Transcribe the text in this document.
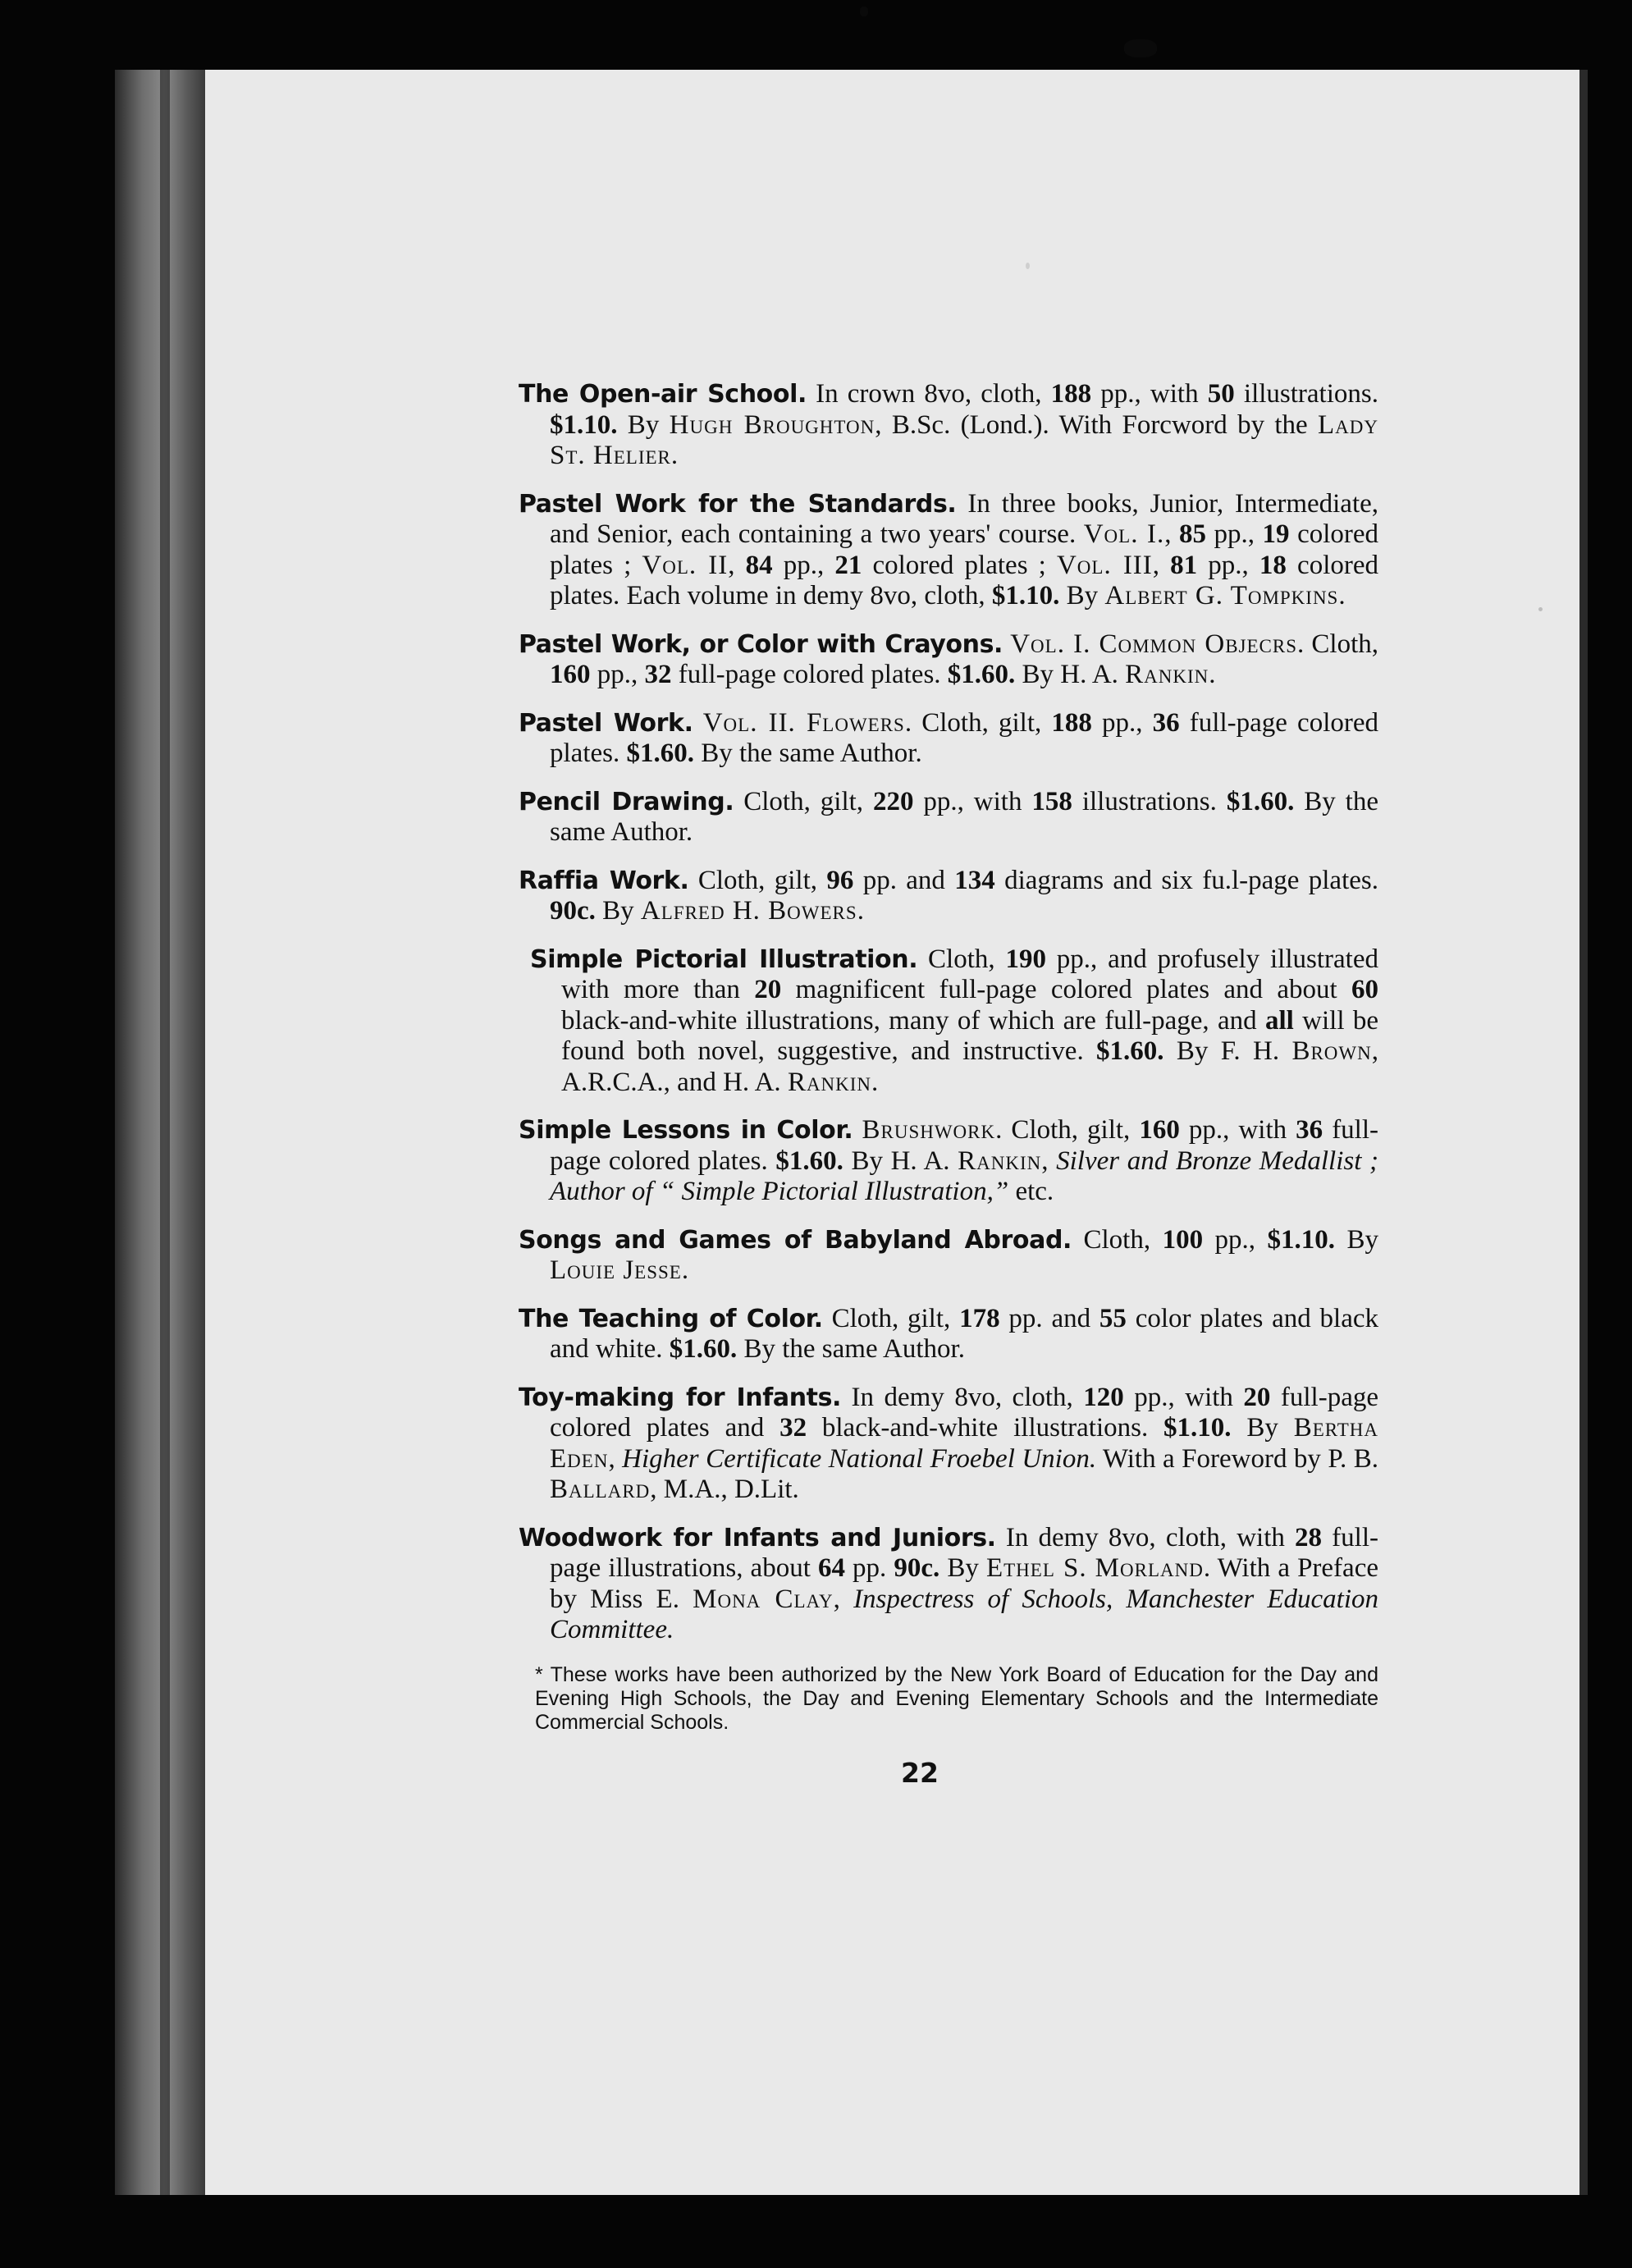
The Open-air School. In crown 8vo, cloth, 188 pp., with 50 illustrations. $1.10. By Hugh Broughton, B.Sc. (Lond.). With Forcword by the Lady St. Helier.
Pastel Work for the Standards. In three books, Junior, Intermediate, and Senior, each containing a two years' course. Vol. I., 85 pp., 19 colored plates ; Vol. II, 84 pp., 21 colored plates ; Vol. III, 81 pp., 18 colored plates. Each volume in demy 8vo, cloth, $1.10. By Albert G. Tompkins.
Pastel Work, or Color with Crayons. Vol. I. Common Objecrs. Cloth, 160 pp., 32 full-page colored plates. $1.60. By H. A. Rankin.
Pastel Work. Vol. II. Flowers. Cloth, gilt, 188 pp., 36 full-page colored plates. $1.60. By the same Author.
Pencil Drawing. Cloth, gilt, 220 pp., with 158 illustrations. $1.60. By the same Author.
Raffia Work. Cloth, gilt, 96 pp. and 134 diagrams and six fu.l-page plates. 90c. By Alfred H. Bowers.
Simple Pictorial Illustration. Cloth, 190 pp., and profusely illustrated with more than 20 magnificent full-page colored plates and about 60 black-and-white illustrations, many of which are full-page, and all will be found both novel, suggestive, and instructive. $1.60. By F. H. Brown, A.R.C.A., and H. A. Rankin.
Simple Lessons in Color. Brushwork. Cloth, gilt, 160 pp., with 36 full-page colored plates. $1.60. By H. A. Rankin, Silver and Bronze Medallist ; Author of “ Simple Pictorial Illustration,” etc.
Songs and Games of Babyland Abroad. Cloth, 100 pp., $1.10. By Louie Jesse.
The Teaching of Color. Cloth, gilt, 178 pp. and 55 color plates and black and white. $1.60. By the same Author.
Toy-making for Infants. In demy 8vo, cloth, 120 pp., with 20 full-page colored plates and 32 black-and-white illustrations. $1.10. By Bertha Eden, Higher Certificate National Froebel Union. With a Foreword by P. B. Ballard, M.A., D.Lit.
Woodwork for Infants and Juniors. In demy 8vo, cloth, with 28 full-page illustrations, about 64 pp. 90c. By Ethel S. Morland. With a Preface by Miss E. Mona Clay, Inspectress of Schools, Manchester Education Committee.
* These works have been authorized by the New York Board of Education for the Day and Evening High Schools, the Day and Evening Elementary Schools and the Intermediate Commercial Schools.
22
